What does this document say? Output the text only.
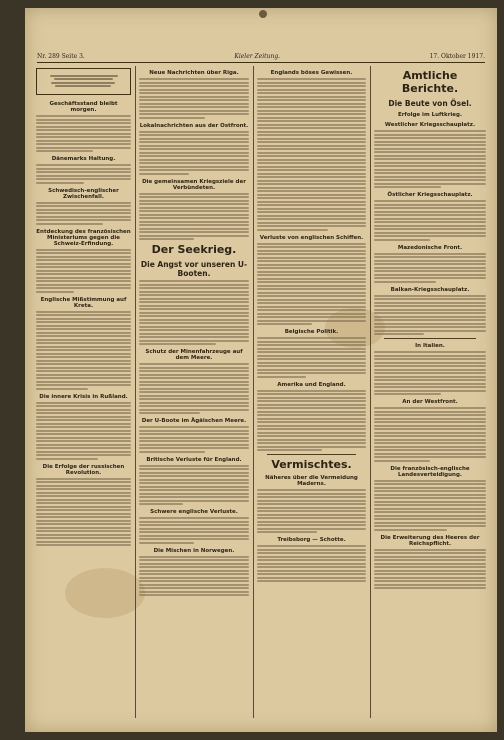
Nr. 289 Seite 3.	Kieler Zeitung.	17. Oktober 1917.
Geschäftsstand bleibt morgen.
Dänemarks Haltung.
Schwedisch-englischer Zwischenfall.
Entdeckung des französischen Ministeriums gegen die Schweiz-Erfindung.
Englische Mißstimmung auf Kreta.
Die innere Krisis in Rußland.
Die Erfolge der russischen Revolution.
Neue Nachrichten über Riga.
Lokalnachrichten aus der Ostfront.
Die gemeinsamen Kriegsziele der Verbündeten.
Der Seekrieg.
Die Angst vor unseren U-Booten.
Schutz der Minenfahrzeuge auf dem Meere.
Der U-Boote im Ägäischen Meere.
Britische Verluste für England.
Schwere englische Verluste.
Die Mischen in Norwegen.
Englands böses Gewissen.
Verluste von englischen Schiffen.
Belgische Politik.
Amerika und England.
Vermischtes.
Näheres über die Vermeidung Maderns.
Treibsborg — Schotte.
Amtliche Berichte.
Die Beute von Ösel.
Erfolge im Luftkrieg.
Westlicher Kriegsschauplatz.
Östlicher Kriegsschauplatz.
Mazedonische Front.
Balkan-Kriegsschauplatz.
In Italien.
An der Westfront.
Die französisch-englische Landesverteidigung.
Die Erweiterung des Heeres der Reichspflicht.
